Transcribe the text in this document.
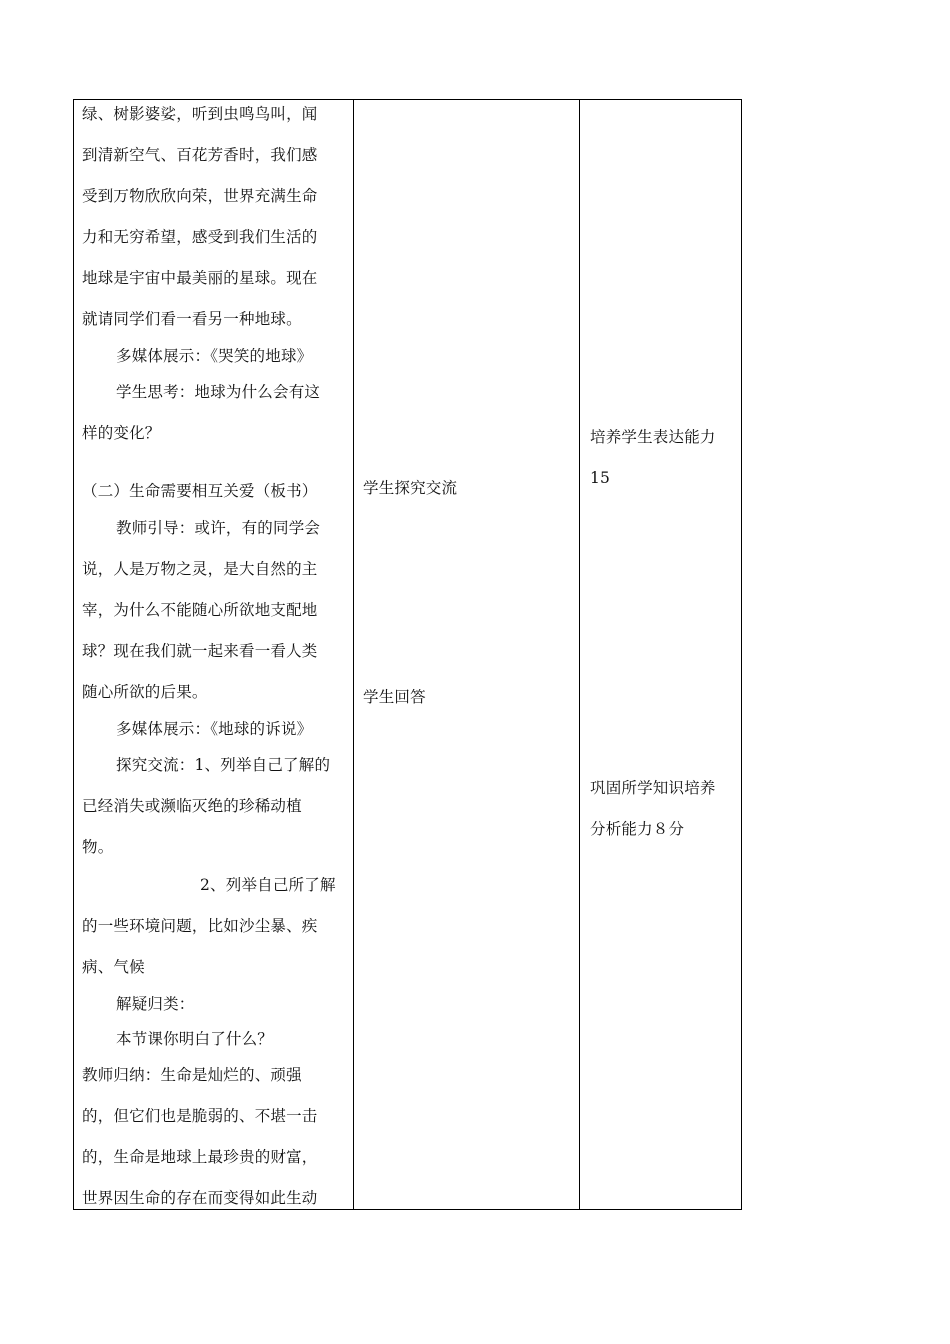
绿、树影婆娑，听到虫鸣鸟叫，闻
到清新空气、百花芳香时，我们感
受到万物欣欣向荣，世界充满生命
力和无穷希望，感受到我们生活的
地球是宇宙中最美丽的星球。现在
就请同学们看一看另一种地球。
多媒体展示：《哭笑的地球》
学生思考：地球为什么会有这
样的变化？
（二）生命需要相互关爱（板书）
教师引导：或许，有的同学会
说，人是万物之灵，是大自然的主
宰，为什么不能随心所欲地支配地
球？现在我们就一起来看一看人类
随心所欲的后果。
多媒体展示：《地球的诉说》
探究交流：1、列举自己了解的
已经消失或濒临灭绝的珍稀动植
物。
2、列举自己所了解
的一些环境问题，比如沙尘暴、疾
病、气候
解疑归类：
本节课你明白了什么？
教师归纳：生命是灿烂的、顽强
的，但它们也是脆弱的、不堪一击
的，生命是地球上最珍贵的财富，
世界因生命的存在而变得如此生动
学生探究交流
学生回答
培养学生表达能力
15
巩固所学知识培养
分析能力８分
